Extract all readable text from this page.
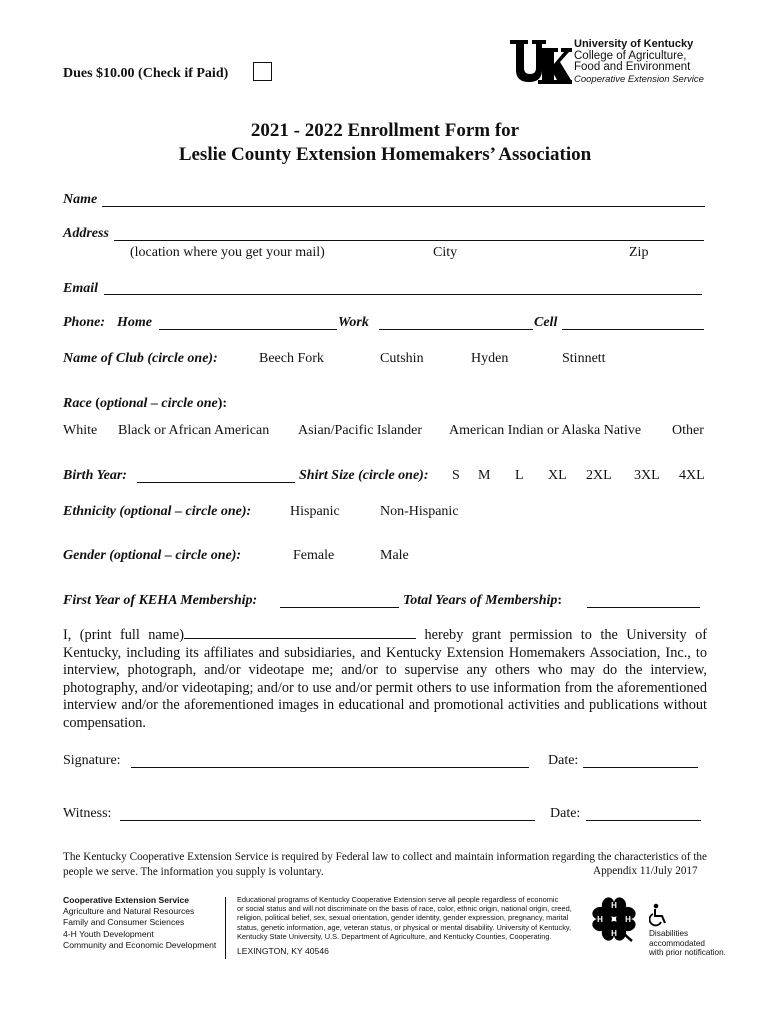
Dues $10.00 (Check if Paid)
University of Kentucky
College of Agriculture,
Food and Environment
Cooperative Extension Service
2021 - 2022 Enrollment Form for
Leslie County Extension Homemakers’ Association
Name
Address
(location where you get your mail)	City	Zip
Email
Phone: Home	Work	Cell
Name of Club (circle one):	Beech Fork	Cutshin	Hyden	Stinnett
Race (optional – circle one):
White Black or African American Asian/Pacific Islander American Indian or Alaska Native Other
Birth Year:	Shirt Size (circle one): S M L XL 2XL 3XL 4XL
Ethnicity (optional – circle one):	Hispanic	Non-Hispanic
Gender (optional – circle one):	Female	Male
First Year of KEHA Membership:	Total Years of Membership:
I, (print full name)	hereby grant permission to the University of Kentucky, including its affiliates and subsidiaries, and Kentucky Extension Homemakers Association, Inc., to interview, photograph, and/or videotape me; and/or to supervise any others who may do the interview, photography, and/or videotaping; and/or to use and/or permit others to use information from the aforementioned interview and/or the aforementioned images in educational and promotional activities and publications without compensation.
Signature:	Date:
Witness:	Date:
The Kentucky Cooperative Extension Service is required by Federal law to collect and maintain information regarding the characteristics of the people we serve. The information you supply is voluntary.	Appendix 11/July 2017
Cooperative Extension Service
Agriculture and Natural Resources
Family and Consumer Sciences
4-H Youth Development
Community and Economic Development
Educational programs of Kentucky Cooperative Extension serve all people regardless of economic
or social status and will not discriminate on the basis of race, color, ethnic origin, national origin, creed,
religion, political belief, sex, sexual orientation, gender identity, gender expression, pregnancy, marital
status, genetic information, age, veteran status, or physical or mental disability. University of Kentucky,
Kentucky State University, U.S. Department of Agriculture, and Kentucky Counties, Cooperating.
LEXINGTON, KY 40546
H
H
H	H
Disabilities
accommodated
with prior notification.
